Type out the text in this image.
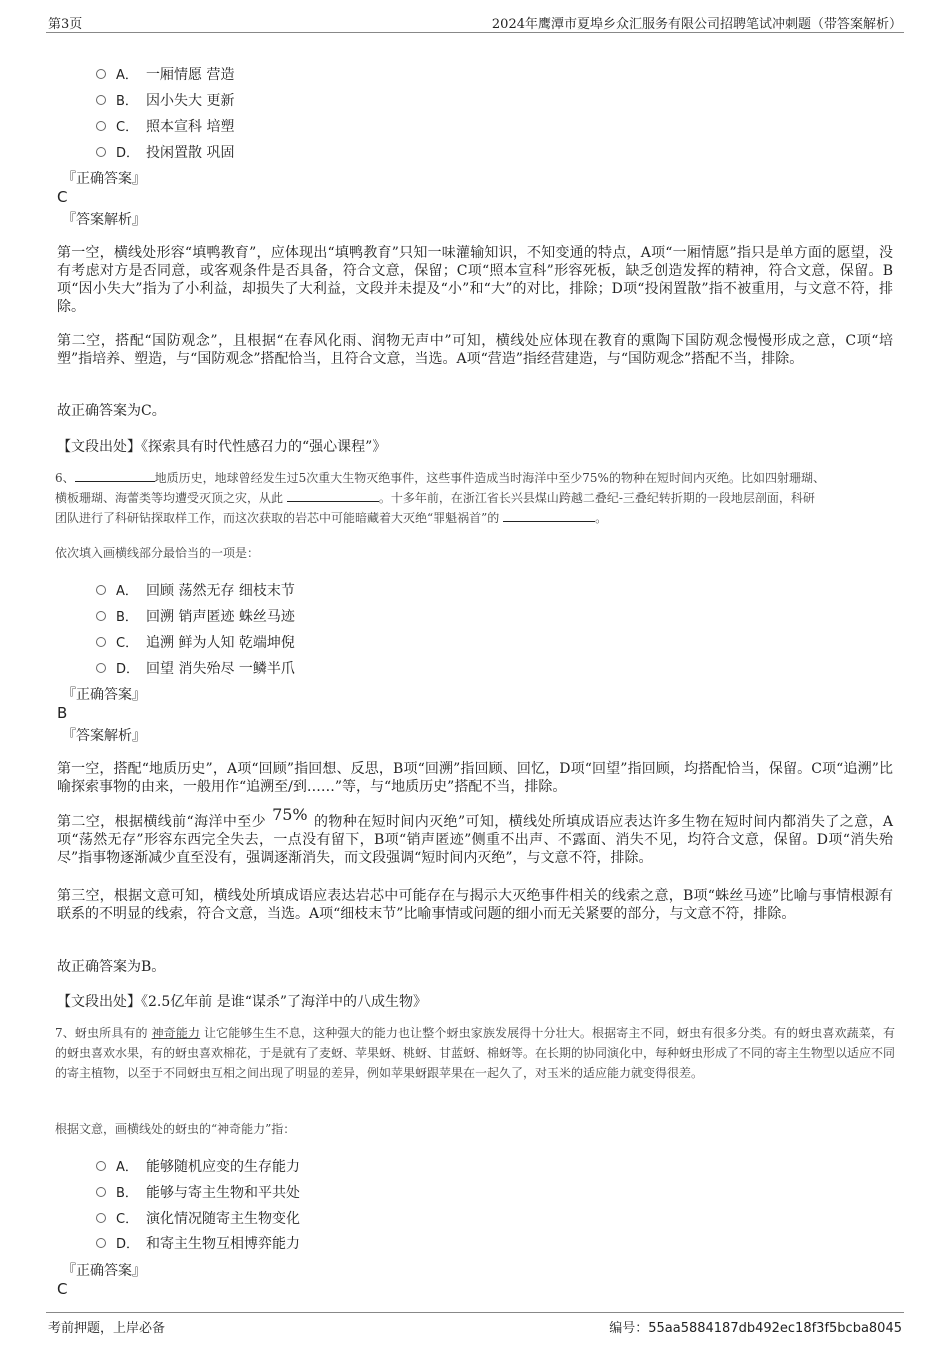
第3页	2024年鹰潭市夏埠乡众汇服务有限公司招聘笔试冲刺题（带答案解析）
A． 一厢情愿 营造
B． 因小失大 更新
C． 照本宣科 培塑
D． 投闲置散 巩固
『正确答案』
C
『答案解析』
第一空，横线处形容“填鸭教育”，应体现出“填鸭教育”只知一味灌输知识，不知变通的特点，A项“一厢情愿”指只是单方面的愿望，没有考虑对方是否同意，或客观条件是否具备，符合文意，保留；C项“照本宣科”形容死板，缺乏创造发挥的精神，符合文意，保留。B项“因小失大”指为了小利益，却损失了大利益，文段并未提及“小”和“大”的对比，排除；D项“投闲置散”指不被重用，与文意不符，排除。
第二空，搭配“国防观念”，且根据“在春风化雨、润物无声中”可知，横线处应体现在教育的熏陶下国防观念慢慢形成之意，C项“培塑”指培养、塑造，与“国防观念”搭配恰当，且符合文意，当选。A项“营造”指经营建造，与“国防观念”搭配不当，排除。
故正确答案为C。
【文段出处】《探索具有时代性感召力的“强心课程”》
6、	地质历史，地球曾经发生过5次重大生物灭绝事件，这些事件造成当时海洋中至少75%的物种在短时间内灭绝。比如四射珊瑚、
横板珊瑚、海蕾类等均遭受灭顶之灾，从此	。十多年前，在浙江省长兴县煤山跨越二叠纪-三叠纪转折期的一段地层剖面，科研
团队进行了科研钻探取样工作，而这次获取的岩芯中可能暗藏着大灭绝“罪魁祸首”的	。
依次填入画横线部分最恰当的一项是：
A． 回顾 荡然无存 细枝末节
B． 回溯 销声匿迹 蛛丝马迹
C． 追溯 鲜为人知 乾端坤倪
D． 回望 消失殆尽 一鳞半爪
『正确答案』
B
『答案解析』
第一空，搭配“地质历史”，A项“回顾”指回想、反思，B项“回溯”指回顾、回忆，D项“回望”指回顾，均搭配恰当，保留。C项“追溯”比喻探索事物的由来，一般用作“追溯至/到……”等，与“地质历史”搭配不当，排除。
第二空，根据横线前“海洋中至少 75% 的物种在短时间内灭绝”可知，横线处所填成语应表达许多生物在短时间内都消失了之意，A项“荡然无存”形容东西完全失去，一点没有留下，B项“销声匿迹”侧重不出声、不露面、消失不见，均符合文意，保留。D项“消失殆尽”指事物逐渐减少直至没有，强调逐渐消失，而文段强调“短时间内灭绝”，与文意不符，排除。
第三空，根据文意可知，横线处所填成语应表达岩芯中可能存在与揭示大灭绝事件相关的线索之意，B项“蛛丝马迹”比喻与事情根源有联系的不明显的线索，符合文意，当选。A项“细枝末节”比喻事情或问题的细小而无关紧要的部分，与文意不符，排除。
故正确答案为B。
【文段出处】《2.5亿年前 是谁“谋杀”了海洋中的八成生物》
7、蚜虫所具有的 神奇能力 让它能够生生不息，这种强大的能力也让整个蚜虫家族发展得十分壮大。根据寄主不同，蚜虫有很多分类。有的蚜虫喜欢蔬菜，有的蚜虫喜欢水果，有的蚜虫喜欢棉花，于是就有了麦蚜、苹果蚜、桃蚜、甘蓝蚜、棉蚜等。在长期的协同演化中，每种蚜虫形成了不同的寄主生物型以适应不同的寄主植物，以至于不同蚜虫互相之间出现了明显的差异，例如苹果蚜跟苹果在一起久了，对玉米的适应能力就变得很差。
根据文意，画横线处的蚜虫的“神奇能力”指：
A． 能够随机应变的生存能力
B． 能够与寄主生物和平共处
C． 演化情况随寄主生物变化
D． 和寄主生物互相博弈能力
『正确答案』
C
考前押题，上岸必备	编号：55aa5884187db492ec18f3f5bcba8045
